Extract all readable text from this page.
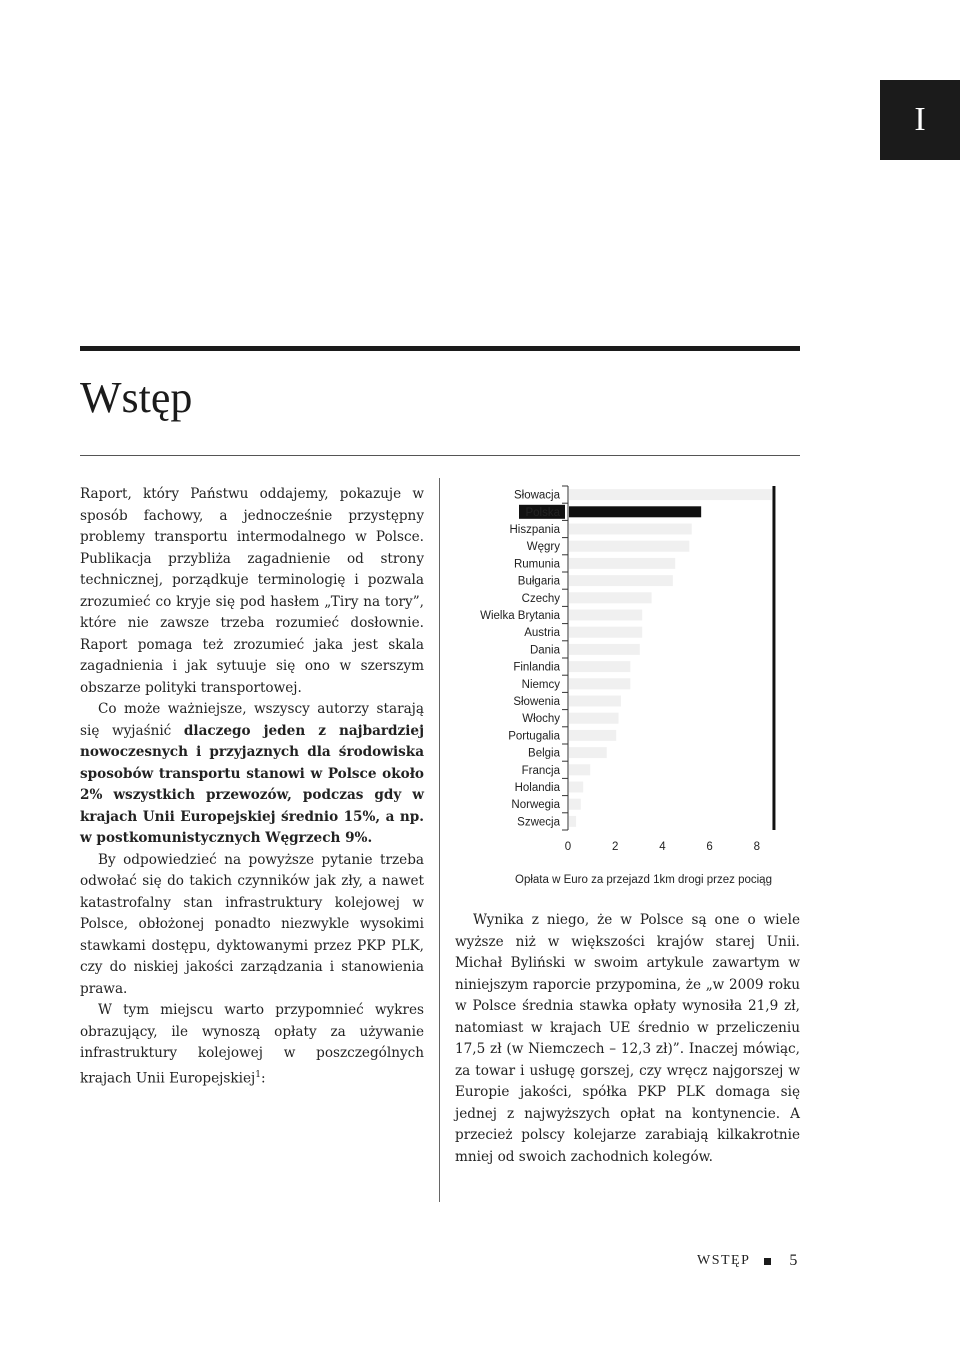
I
Wstęp

Raport, który Państwu oddajemy, pokazuje w sposób fachowy, a jednocześnie przystępny problemy transportu intermodalnego w Polsce. Publikacja przybliża zagadnienie od strony technicznej, porządkuje terminologię i pozwala zrozumieć co kryje się pod hasłem „Tiry na tory”, które nie zawsze trzeba rozumieć dosłownie. Raport pomaga też zrozumieć jaka jest skala zagadnienia i jak sytuuje się ono w szerszym obszarze polityki transportowej.

Co może ważniejsze, wszyscy autorzy starają się wyjaśnić dlaczego jeden z najbardziej nowoczesnych i przyjaznych dla środowiska sposobów transportu stanowi w Polsce około 2% wszystkich przewozów, podczas gdy w krajach Unii Europejskiej średnio 15%, a np. w postkomunistycznych Węgrzech 9%.

By odpowiedzieć na powyższe pytanie trzeba odwołać się do takich czynników jak zły, a nawet katastrofalny stan infrastruktury kolejowej w Polsce, obłożonej ponadto niezwykle wysokimi stawkami dostępu, dyktowanymi przez PKP PLK, czy do niskiej jakości zarządzania i stanowienia prawa.

W tym miejscu warto przypomnieć wykres obrazujący, ile wynoszą opłaty za używanie infrastruktury kolejowej w poszczególnych krajach Unii Europejskiej$^1$:

Słowacja
Polska
Hiszpania
Węgry
Rumunia
Bułgaria
Czechy
Wielka Brytania
Austria
Dania
Finlandia
Niemcy
Słowenia
Włochy
Portugalia
Belgia
Francja
Holandia
Norwegia
Szwecja
0	2	4	6	8
Opłata w Euro za przejazd 1km drogi przez pociąg

Wynika z niego, że w Polsce są one o wiele wyższe niż w większości krajów starej Unii. Michał Byliński w swoim artykule zawartym w niniejszym raporcie przypomina, że „w 2009 roku w Polsce średnia stawka opłaty wynosiła 21,9 zł, natomiast w krajach UE średnio w przeliczeniu 17,5 zł (w Niemczech – 12,3 zł)”. Inaczej mówiąc, za towar i usługę gorszej, czy wręcz najgorszej w Europie jakości, spółka PKP PLK domaga się jednej z najwyższych opłat na kontynencie. A przecież polscy kolejarze zarabiają kilkakrotnie mniej od swoich zachodnich kolegów.

WSTĘP 5
